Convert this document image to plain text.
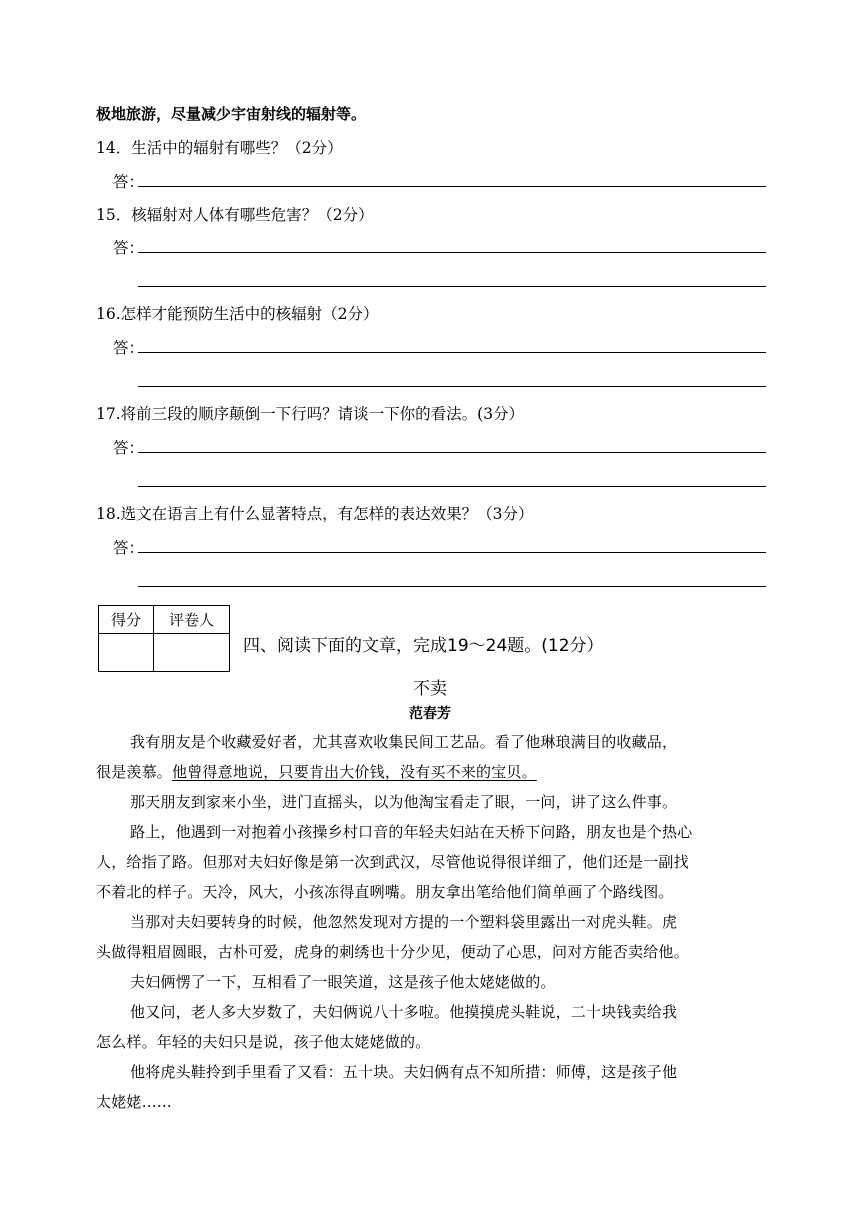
极地旅游，尽量减少宇宙射线的辐射等。
14．生活中的辐射有哪些？（2分）
答：
15．核辐射对人体有哪些危害？（2分）
答：
16.怎样才能预防生活中的核辐射（2分）
答：
17.将前三段的顺序颠倒一下行吗？请谈一下你的看法。(3分）
答：
18.选文在语言上有什么显著特点，有怎样的表达效果？（3分）
答：
得分	评卷人

四、阅读下面的文章，完成19～24题。(12分）
不卖
范春芳
我有朋友是个收藏爱好者，尤其喜欢收集民间工艺品。看了他琳琅满目的收藏品，
很是羡慕。他曾得意地说，只要肯出大价钱，没有买不来的宝贝。
那天朋友到家来小坐，进门直摇头，以为他淘宝看走了眼，一问，讲了这么件事。
路上，他遇到一对抱着小孩操乡村口音的年轻夫妇站在天桥下问路，朋友也是个热心
人，给指了路。但那对夫妇好像是第一次到武汉，尽管他说得很详细了，他们还是一副找
不着北的样子。天冷，风大，小孩冻得直咧嘴。朋友拿出笔给他们简单画了个路线图。
当那对夫妇要转身的时候，他忽然发现对方提的一个塑料袋里露出一对虎头鞋。虎
头做得粗眉圆眼，古朴可爱，虎身的刺绣也十分少见，便动了心思，问对方能否卖给他。
夫妇俩愣了一下，互相看了一眼笑道，这是孩子他太姥姥做的。
他又问，老人多大岁数了，夫妇俩说八十多啦。他摸摸虎头鞋说，二十块钱卖给我
怎么样。年轻的夫妇只是说，孩子他太姥姥做的。
他将虎头鞋拎到手里看了又看：五十块。夫妇俩有点不知所措：师傅，这是孩子他
太姥姥……
